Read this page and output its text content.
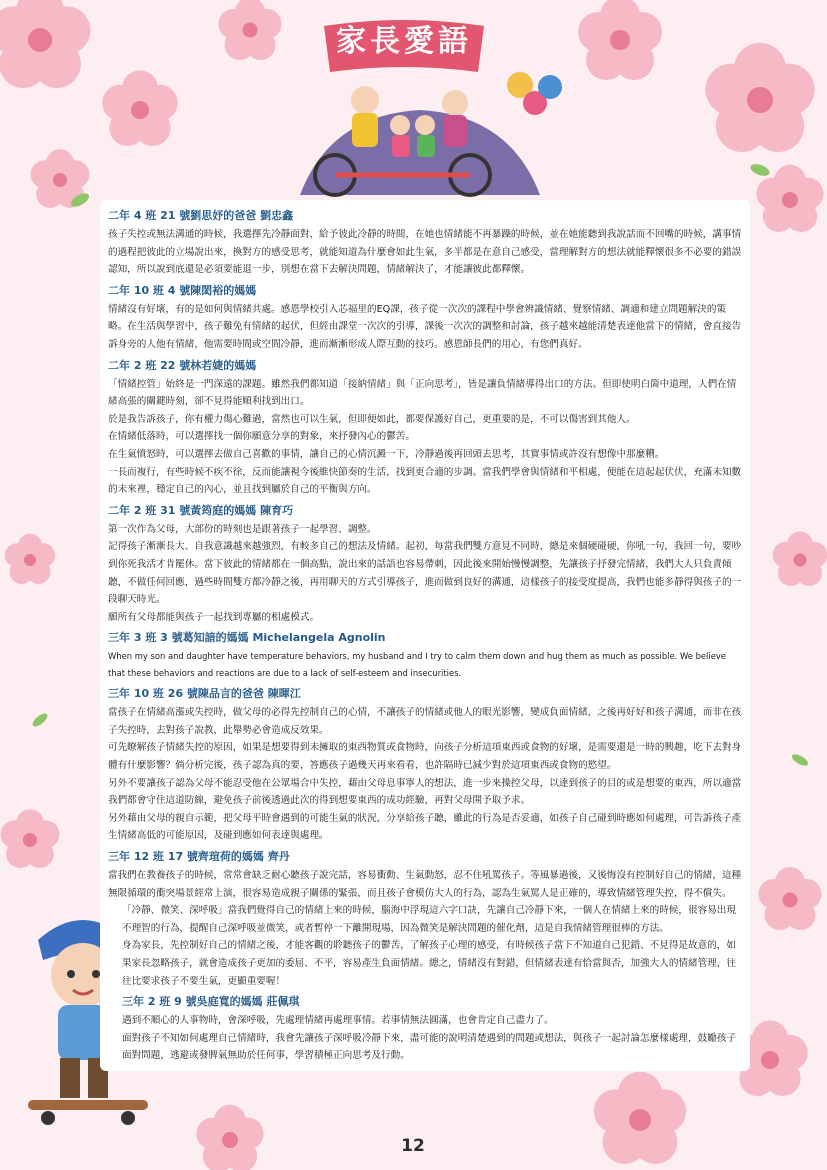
家長愛語
二年 4 班 21 號劉思妤的爸爸 劉忠鑫

孩子失控或無法溝通的時候，我選擇先冷靜面對，給予彼此冷靜的時間，在她也情緒能不再暴躁的時候，並在她能聽到我說話而不回嘴的時候，講事情的過程把彼此的立場說出來，換對方的感受思考，就能知道為什麼會如此生氣，多半都是在意自己感受，當理解對方的想法就能釋懷很多不必要的錯誤認知，所以說到底還是必須要能退一步，別想在當下去解決問題，情緒解決了，才能讓彼此都釋懷。

二年 10 班 4 號陳閎裕的媽媽

情緒沒有好壞，有的是如何與情緒共處。感恩學校引入芯福里的EQ課，孩子從一次次的課程中學會辨識情緒、覺察情緒、調適和建立問題解決的策略。在生活與學習中，孩子難免有情緒的起伏，但經由課堂一次次的引導，課後一次次的調整和討論，孩子越來越能清楚表達他當下的情緒，會直接告訴身旁的人他有情緒，他需要時間或空間冷靜，進而漸漸形成人際互動的技巧。感恩師長們的用心，有您們真好。

二年 2 班 22 號林若婕的媽媽

「情緒控管」始終是一門深遠的課題。雖然我們都知道「接納情緒」與「正向思考」，皆是讓負情緒導得出口的方法。但即使明白箇中道理，人們在情緒高張的關鍵時刻，卻不見得能順利找到出口。

於是我告訴孩子，你有權力傷心難過，當然也可以生氣，但即便如此，都要保護好自己，更重要的是，不可以傷害到其他人。

在情緒低落時，可以選擇找一個你願意分享的對象，來抒發內心的鬱苦。

在生氣憤怒時，可以選擇去做自己喜歡的事情，讓自己的心情沉澱一下，冷靜過後再回頭去思考，其實事情或許沒有想像中那麼糟。

一長而複行，有些時候不疾不徐，反而能讓視今後維快節奏的生活，找到更合適的步調。當我們學會與情緒和平相處，便能在這起起伏伏，充滿未知數的未來裡，穩定自己的內心，並且找到屬於自己的平衡與方向。

二年 2 班 31 號黃筠庭的媽媽 陳育巧

第一次作為父母，大部份的時刻也是跟著孩子一起學習、調整。

記得孩子漸漸長大、自我意識越來越強烈，有較多自己的想法及情緒。起初，每當我們雙方意見不同時，總是來個硬碰硬，你吼一句，我回一句，要吵到你死我活才肯罷休。當下彼此的情緒都在一個高點，說出來的話語也容易帶刺，因此後來開始慢慢調整，先讓孩子抒發完情緒，我們大人只負責傾聽，不做任何回應，過些時間雙方都冷靜之後，再用聊天的方式引導孩子，進而做到良好的溝通，這樣孩子的接受度提高，我們也能多靜得與孩子的一段聊天時光。

願所有父母都能與孩子一起找到專屬的相處模式。

三年 3 班 3 號葛知諳的媽媽 Michelangela Agnolin

When my son and daughter have temperature behaviors, my husband and I try to calm them down and hug them as much as possible. We believe that these behaviors and reactions are due to a lack of self-esteem and insecurities.

三年 10 班 26 號陳品言的爸爸 陳暉江

當孩子在情緒高漲或失控時，做父母的必得先控制自己的心情，不讓孩子的情緒或他人的眼光影響，變成負面情緒，之後再好好和孩子溝通，而非在孩子失控時，去對孩子說教，此舉勢必會造成反效果。

可先瞭解孩子情緒失控的原因，如果是想要得到未擁取的東西物質或食物時，向孩子分析這項東西或食物的好壞，是需要還是一時的興趣，吃下去對身體有什麼影響？倘分析完後，孩子認為真的要，答應孩子過幾天再來看看，也許隔時已減少對於這項東西或食物的慾望。

另外不要讓孩子認為父母不能忍受他在公眾場合中失控，藉由父母息事寧人的想法，進一步來操控父母，以達到孩子的目的或是想要的東西，所以適當我們都會守住這道防線，避免孩子前後透過此次的得到想要東西的成功經驗，再對父母開予取予求。

另外藉由父母的親自示範，把父母平時會遇到的可能生氣的狀況，分享給孩子聽，雖此的行為是否妥適，如孩子自己碰到時應如何處理，可告訴孩子產生情緒高低的可能原因，及碰到應如何表達與處理。

三年 12 班 17 號齊瑄荷的媽媽 齊丹

當我們在教養孩子的時候，常常會缺乏耐心聽孩子說完話，容易衝動、生氣動怒，忍不住吼罵孩子。等風暴過後，又後悔沒有控制好自己的情緒，這種無限循環的衝突場景經常上演，很容易造成親子關係的緊張，而且孩子會模仿大人的行為，認為生氣罵人是正確的，導致情緒管理失控，得不償失。

「冷靜、微笑、深呼吸」當我們覺得自己的情緒上來的時候，腦海中浮現這六字口訣，先讓自己冷靜下來，一個人在情緒上來的時候，很容易出現不理智的行為，提醒自己深呼吸並微笑，或者暫停一下離開現場，因為微笑是解決問題的催化劑，這是自我情緒管理很棒的方法。

身為家長，先控制好自己的情緒之後，才能客觀的聆聽孩子的鬱苦，了解孩子心理的感受，有時候孩子當下不知道自己犯錯、不見得是故意的，如果家長忽略孩子，就會造成孩子更加的委屈、不平，容易產生負面情緒。總之，情緒沒有對錯，但情緒表達有恰當與否，加強大人的情緒管理，往往比要求孩子不要生氣，更顯重要喔！

三年 2 班 9 號吳庭寬的媽媽 莊佩琪

遇到不順心的人事物時，會深呼吸，先處理情緒再處理事情。若事情無法圓滿，也會肯定自己盡力了。

面對孩子不知如何處理自己情緒時，我會先讓孩子深呼吸冷靜下來，盡可能的說明清楚遇到的問題或想法，與孩子一起討論怎麼樣處理，鼓勵孩子面對問題，逃避或發脾氣無助於任何事，學習積極正向思考及行動。

12
